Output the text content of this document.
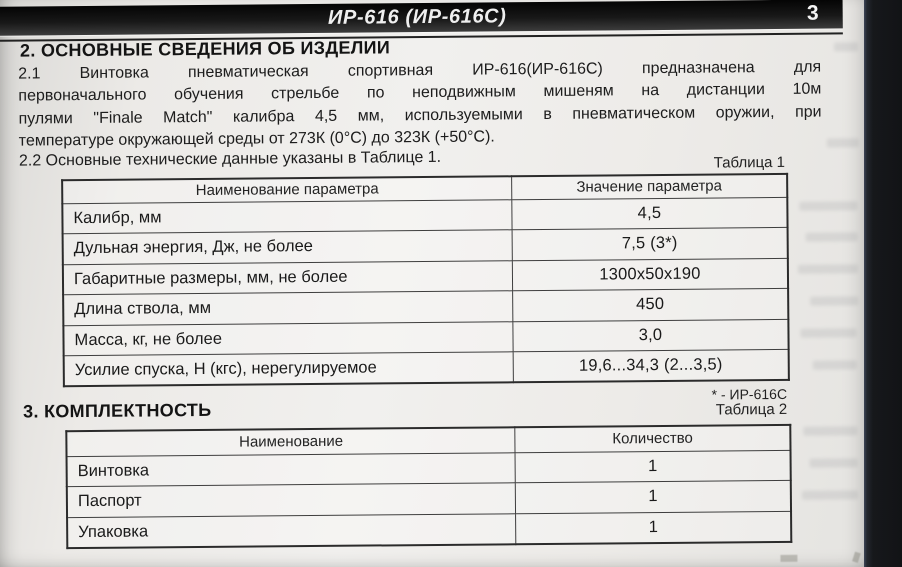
ИР-616 (ИР-616С)	3
2. ОСНОВНЫЕ СВЕДЕНИЯ ОБ ИЗДЕЛИИ
2.1 Винтовка пневматическая спортивная ИР-616(ИР-616С) предназначена для
первоначального обучения стрельбе по неподвижным мишеням на дистанции 10м
пулями "Finale Match" калибра 4,5 мм, используемыми в пневматическом оружии, при
температуре окружающей среды от 273К (0°С) до 323К (+50°С).
2.2 Основные технические данные указаны в Таблице 1.	Таблица 1
Наименование параметра	Значение параметра
Калибр, мм	4,5
Дульная энергия, Дж, не более	7,5 (3*)
Габаритные размеры, мм, не более	1300х50х190
Длина ствола, мм	450
Масса, кг, не более	3,0
Усилие спуска, Н (кгс), нерегулируемое	19,6...34,3 (2...3,5)
* - ИР-616С
3. КОМПЛЕКТНОСТЬ	Таблица 2
Наименование	Количество
Винтовка	1
Паспорт	1
Упаковка	1
